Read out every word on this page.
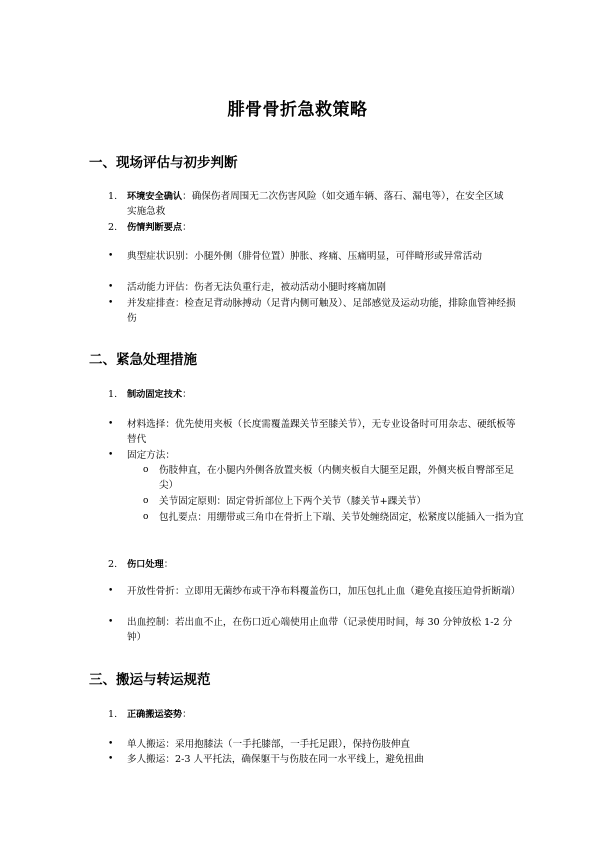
腓骨骨折急救策略
一、现场评估与初步判断
1.	环境安全确认：确保伤者周围无二次伤害风险（如交通车辆、落石、漏电等），在安全区域实施急救
2.	伤情判断要点：
•	典型症状识别：小腿外侧（腓骨位置）肿胀、疼痛、压痛明显，可伴畸形或异常活动
•	活动能力评估：伤者无法负重行走，被动活动小腿时疼痛加剧
•	并发症排查：检查足背动脉搏动（足背内侧可触及）、足部感觉及运动功能，排除血管神经损伤
二、紧急处理措施
1.	制动固定技术：
•	材料选择：优先使用夹板（长度需覆盖踝关节至膝关节），无专业设备时可用杂志、硬纸板等替代
•	固定方法：
o	伤肢伸直，在小腿内外侧各放置夹板（内侧夹板自大腿至足跟，外侧夹板自臀部至足尖）
o	关节固定原则：固定骨折部位上下两个关节（膝关节+踝关节）
o	包扎要点：用绷带或三角巾在骨折上下端、关节处缠绕固定，松紧度以能插入一指为宜
2.	伤口处理：
•	开放性骨折：立即用无菌纱布或干净布料覆盖伤口，加压包扎止血（避免直接压迫骨折断端）
•	出血控制：若出血不止，在伤口近心端使用止血带（记录使用时间，每 30 分钟放松 1-2 分钟）
三、搬运与转运规范
1.	正确搬运姿势：
•	单人搬运：采用抱膝法（一手托膝部，一手托足跟），保持伤肢伸直
•	多人搬运：2-3 人平托法，确保躯干与伤肢在同一水平线上，避免扭曲
